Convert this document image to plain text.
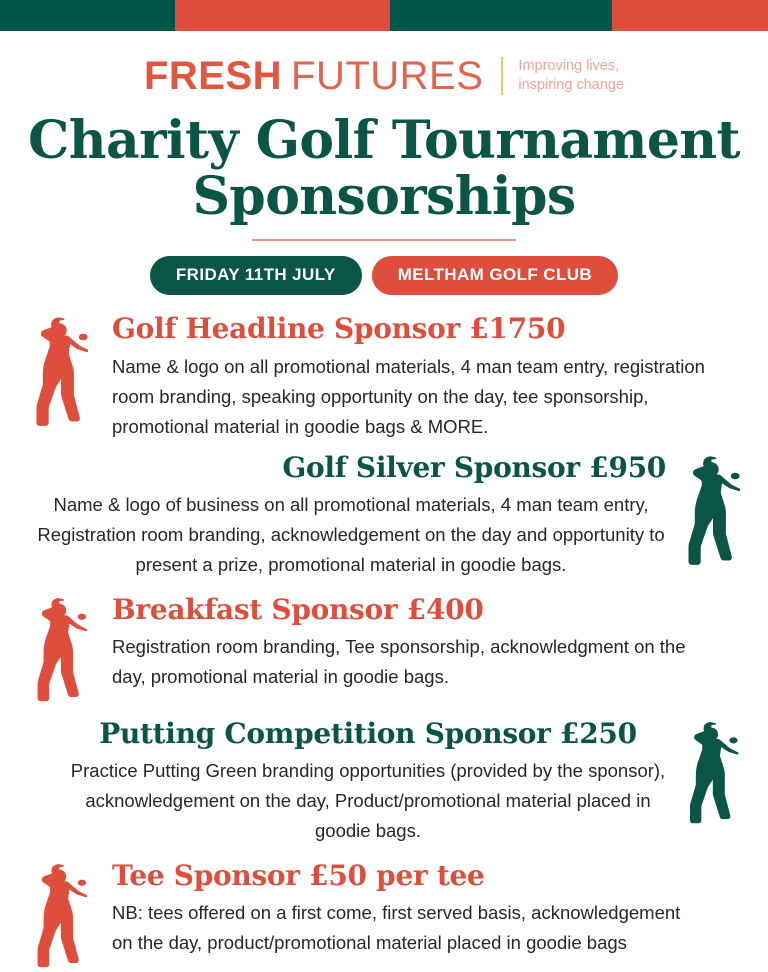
FRESH FUTURES Improving lives,
inspiring change
Charity Golf Tournament
Sponsorships
FRIDAY 11TH JULY	MELTHAM GOLF CLUB
Golf Headline Sponsor £1750

Name & logo on all promotional materials, 4 man team entry, registration room branding, speaking opportunity on the day, tee sponsorship, promotional material in goodie bags & MORE.

Golf Silver Sponsor £950

Name & logo of business on all promotional materials, 4 man team entry, Registration room branding, acknowledgement on the day and opportunity to present a prize, promotional material in goodie bags.

Breakfast Sponsor £400

Registration room branding, Tee sponsorship, acknowledgment on the day, promotional material in goodie bags.

Putting Competition Sponsor £250

Practice Putting Green branding opportunities (provided by the sponsor), acknowledgement on the day, Product/promotional material placed in goodie bags.

Tee Sponsor £50 per tee

NB: tees offered on a first come, first served basis, acknowledgement on the day, product/promotional material placed in goodie bags
